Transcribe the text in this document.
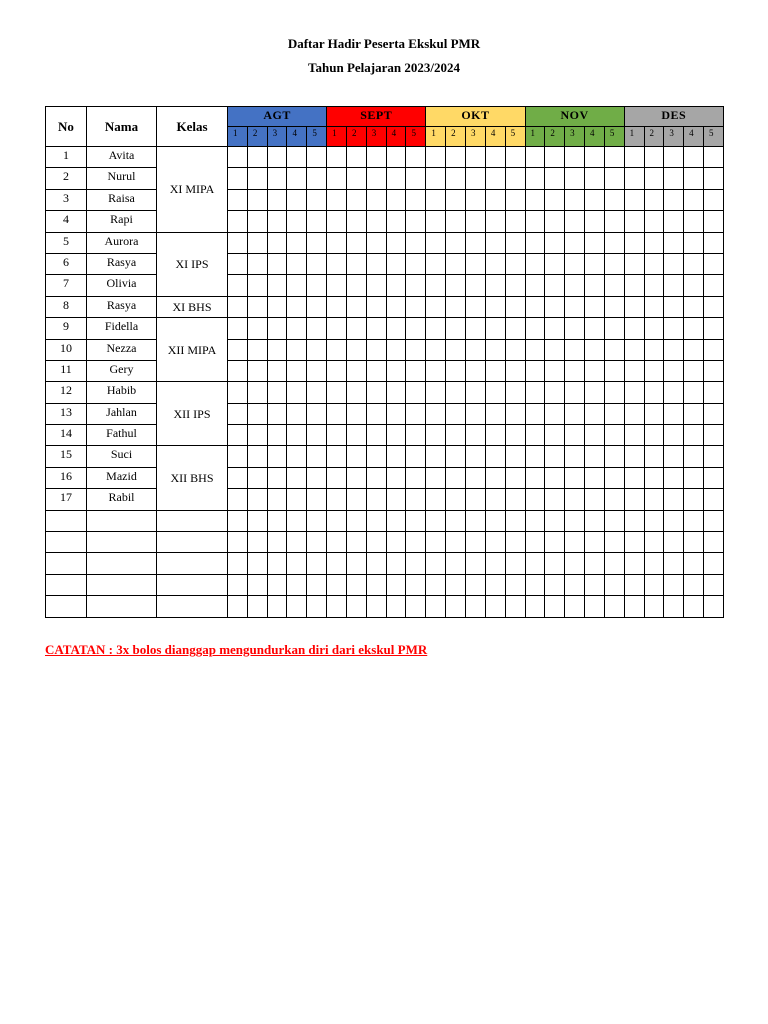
Daftar Hadir Peserta Ekskul PMR
Tahun Pelajaran 2023/2024
No	Nama	Kelas	AGT					SEPT					OKT					NOV					DES				
			1	2	3	4	5	1	2	3	4	5	1	2	3	4	5	1	2	3	4	5	1	2	3	4	5
1	Avita	XI MIPA																									
2	Nurul																										
3	Raisa																										
4	Rapi																										
5	Aurora	XI IPS																									
6	Rasya																										
7	Olivia																										
8	Rasya	XI BHS																									
9	Fidella	XII MIPA																									
10	Nezza																										
11	Gery																										
12	Habib	XII IPS																									
13	Jahlan																										
14	Fathul																										
15	Suci	XII BHS																									
16	Mazid																										
17	Rabil																										

CATATAN : 3x bolos dianggap mengundurkan diri dari ekskul PMR
